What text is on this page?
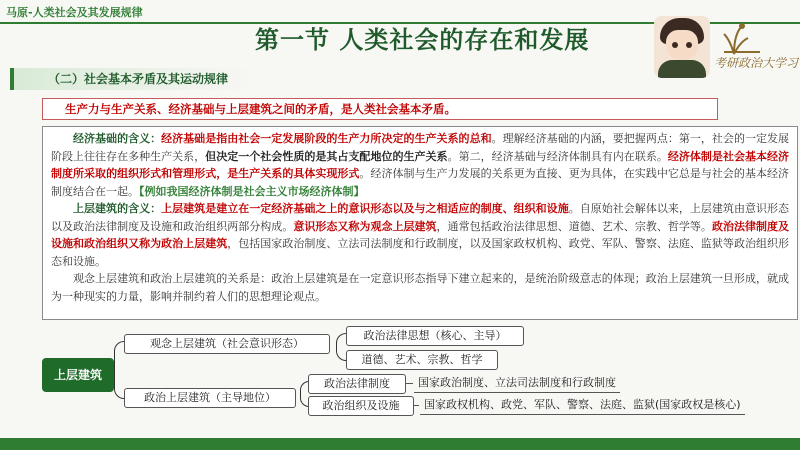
马原-人类社会及其发展规律
第一节 人类社会的存在和发展
考研政治大学习
（二）社会基本矛盾及其运动规律
生产力与生产关系、经济基础与上层建筑之间的矛盾，是人类社会基本矛盾。

经济基础的含义：经济基础是指由社会一定发展阶段的生产力所决定的生产关系的总和。理解经济基础的内涵，要把握两点：第一，社会的一定发展阶段上往往存在多种生产关系，但决定一个社会性质的是其占支配地位的生产关系。第二，经济基础与经济体制具有内在联系。经济体制是社会基本经济制度所采取的组织形式和管理形式，是生产关系的具体实现形式。经济体制与生产力发展的关系更为直接、更为具体，在实践中它总是与社会的基本经济制度结合在一起。【例如我国经济体制是社会主义市场经济体制】

上层建筑的含义：上层建筑是建立在一定经济基础之上的意识形态以及与之相适应的制度、组织和设施。自原始社会解体以来，上层建筑由意识形态以及政治法律制度及设施和政治组织两部分构成。意识形态又称为观念上层建筑，通常包括政治法律思想、道德、艺术、宗教、哲学等。政治法律制度及设施和政治组织又称为政治上层建筑，包括国家政治制度、立法司法制度和行政制度，以及国家政权机构、政党、军队、警察、法庭、监狱等政治组织形态和设施。

观念上层建筑和政治上层建筑的关系是：政治上层建筑是在一定意识形态指导下建立起来的，是统治阶级意志的体现；政治上层建筑一旦形成，就成为一种现实的力量，影响并制约着人们的思想理论观点。

上层建筑
观念上层建筑（社会意识形态）
政治上层建筑（主导地位）
政治法律思想（核心、主导）
道德、艺术、宗教、哲学
政治法律制度
政治组织及设施
国家政治制度、立法司法制度和行政制度
国家政权机构、政党、军队、警察、法庭、监狱(国家政权是核心)
